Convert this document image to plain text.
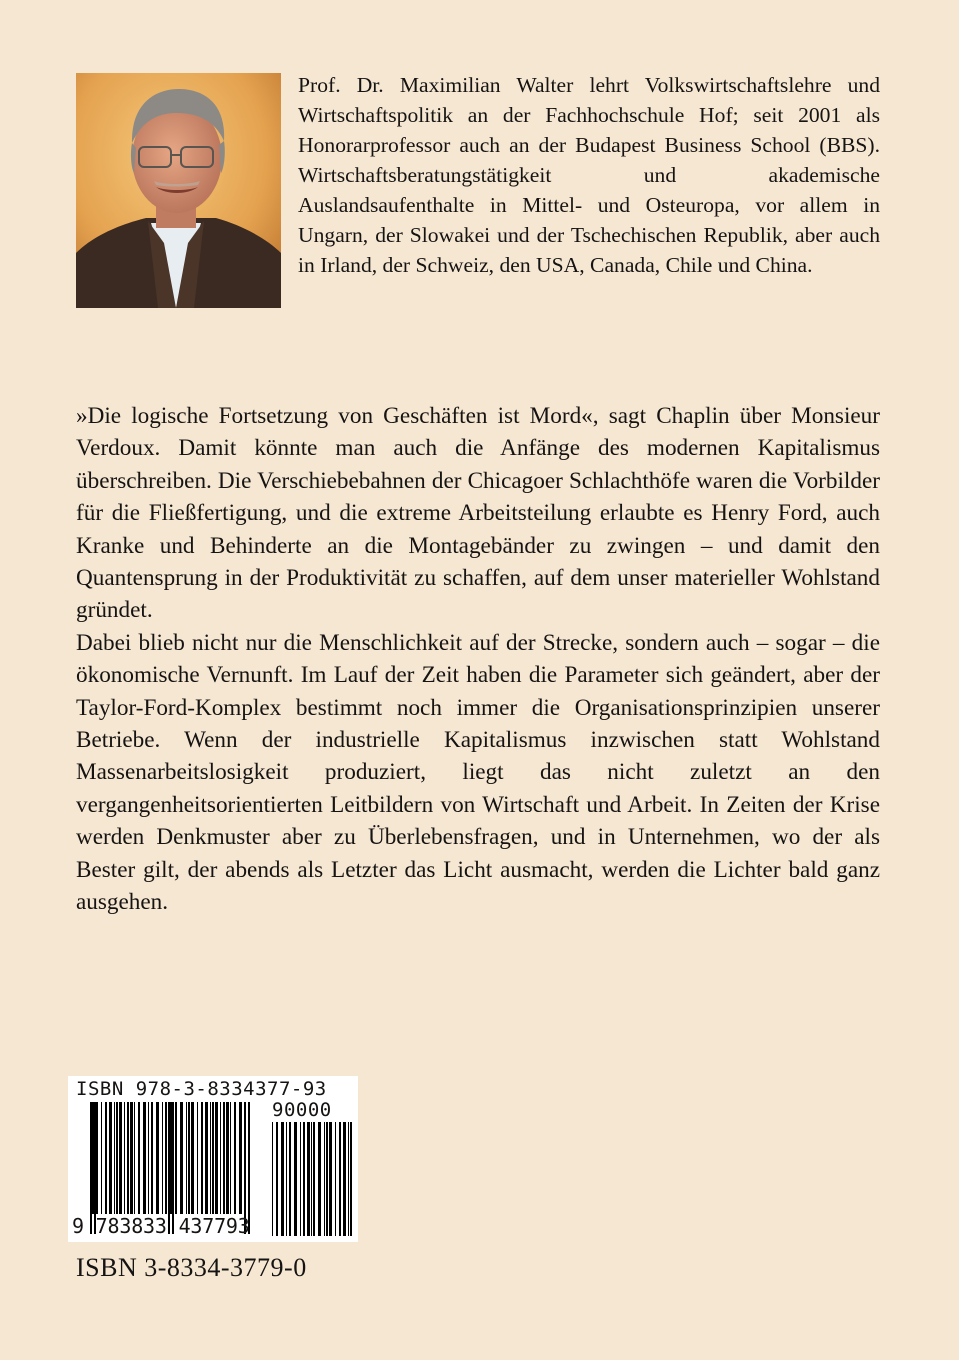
Prof. Dr. Maximilian Walter lehrt Volkswirtschaftslehre und Wirtschaftspolitik an der Fachhochschule Hof; seit 2001 als Honorarprofessor auch an der Budapest Business School (BBS). Wirtschaftsberatungstätigkeit und akademische Auslandsaufenthalte in Mittel- und Osteuropa, vor allem in Ungarn, der Slowakei und der Tschechischen Republik, aber auch in Irland, der Schweiz, den USA, Canada, Chile und China.

»Die logische Fortsetzung von Geschäften ist Mord«, sagt Chaplin über Monsieur Verdoux. Damit könnte man auch die Anfänge des modernen Kapitalismus überschreiben. Die Verschiebebahnen der Chicagoer Schlachthöfe waren die Vorbilder für die Fließfertigung, und die extreme Arbeitsteilung erlaubte es Henry Ford, auch Kranke und Behinderte an die Montagebänder zu zwingen – und damit den Quantensprung in der Produktivität zu schaffen, auf dem unser materieller Wohlstand gründet.

Dabei blieb nicht nur die Menschlichkeit auf der Strecke, sondern auch – sogar – die ökonomische Vernunft. Im Lauf der Zeit haben die Parameter sich geändert, aber der Taylor-Ford-Komplex bestimmt noch immer die Organisationsprinzipien unserer Betriebe. Wenn der industrielle Kapitalismus inzwischen statt Wohlstand Massenarbeitslosigkeit produziert, liegt das nicht zuletzt an den vergangenheitsorientierten Leitbildern von Wirtschaft und Arbeit. In Zeiten der Krise werden Denkmuster aber zu Überlebensfragen, und in Unternehmen, wo der als Bester gilt, der abends als Letzter das Licht ausmacht, werden die Lichter bald ganz ausgehen.

ISBN 978-3-8334377-93
90000
9 783833 437793
ISBN 3-8334-3779-0
